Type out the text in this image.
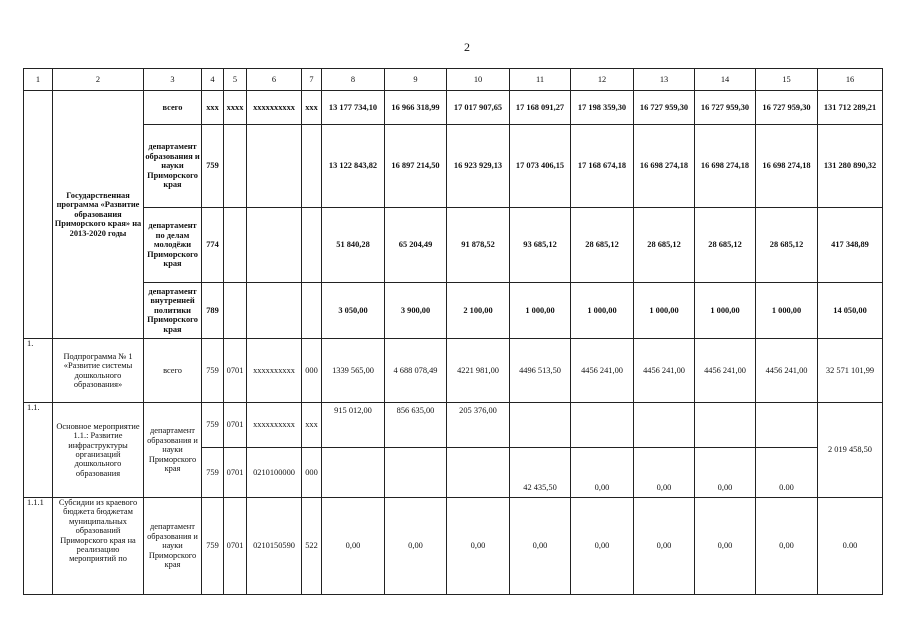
2
1	2	3	4	5	6	7	8	9	10	11	12	13	14	15	16
	Государственная программа «Развитие образования Приморского края» на 2013-2020 годы	всего	xxx	xxxx	xxxxxxxxxx	xxx	13 177 734,10	16 966 318,99	17 017 907,65	17 168 091,27	17 198 359,30	16 727 959,30	16 727 959,30	16 727 959,30	131 712 289,21
		департамент образования и науки Приморского края	759				13 122 843,82	16 897 214,50	16 923 929,13	17 073 406,15	17 168 674,18	16 698 274,18	16 698 274,18	16 698 274,18	131 280 890,32
		департамент по делам молодёжи Приморского края	774				51 840,28	65 204,49	91 878,52	93 685,12	28 685,12	28 685,12	28 685,12	28 685,12	417 348,89
		департамент внутренней политики Приморского края	789				3 050,00	3 900,00	2 100,00	1 000,00	1 000,00	1 000,00	1 000,00	1 000,00	14 050,00
1.	Подпрограмма № 1 «Развитие системы дошкольного образования»	всего	759	0701	xxxxxxxxxx	000	1339 565,00	4 688 078,49	4221 981,00	4496 513,50	4456 241,00	4456 241,00	4456 241,00	4456 241,00	32 571 101,99
1.1.	Основное мероприятие 1.1.: Развитие инфраструктуры организаций дошкольного образования	департамент образования и науки Приморского края	759	0701	xxxxxxxxxx	xxx	915 012,00	856 635,00	205 376,00						2 019 458,50
			759	0701	0210100000	000				42 435,50	0,00	0,00	0,00	0.00	
1.1.1	Субсидии из краевого бюджета бюджетам муниципальных образований Приморского края на реализацию мероприятий по	департамент образования и науки Приморского края	759	0701	0210150590	522	0,00	0,00	0,00	0,00	0,00	0,00	0,00	0,00	0.00
